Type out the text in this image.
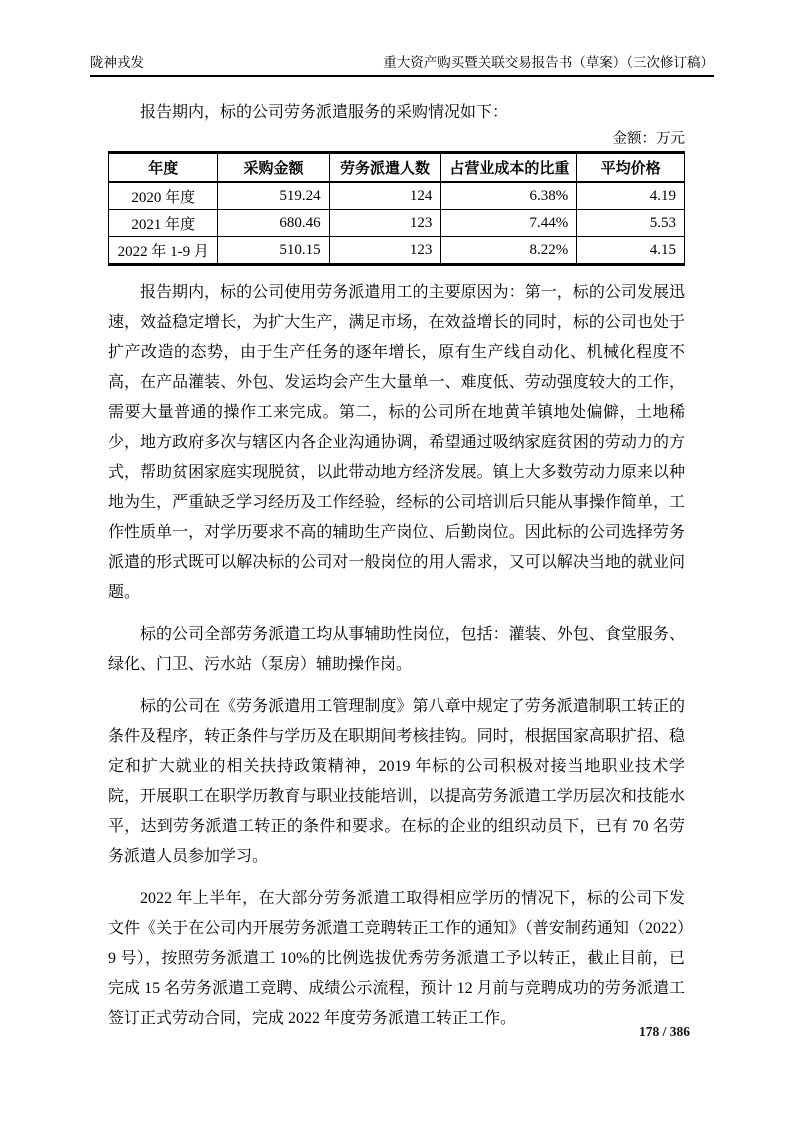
陇神戎发	重大资产购买暨关联交易报告书（草案）（三次修订稿）

报告期内，标的公司劳务派遣服务的采购情况如下：

金额：万元
年度	采购金额	劳务派遣人数	占营业成本的比重	平均价格
2020 年度	519.24	124	6.38%	4.19
2021 年度	680.46	123	7.44%	5.53
2022 年 1-9 月	510.15	123	8.22%	4.15

报告期内，标的公司使用劳务派遣用工的主要原因为：第一，标的公司发展迅速，效益稳定增长，为扩大生产，满足市场，在效益增长的同时，标的公司也处于扩产改造的态势，由于生产任务的逐年增长，原有生产线自动化、机械化程度不高，在产品灌装、外包、发运均会产生大量单一、难度低、劳动强度较大的工作，需要大量普通的操作工来完成。第二，标的公司所在地黄羊镇地处偏僻，土地稀少，地方政府多次与辖区内各企业沟通协调，希望通过吸纳家庭贫困的劳动力的方式，帮助贫困家庭实现脱贫，以此带动地方经济发展。镇上大多数劳动力原来以种地为生，严重缺乏学习经历及工作经验，经标的公司培训后只能从事操作简单，工作性质单一，对学历要求不高的辅助生产岗位、后勤岗位。因此标的公司选择劳务派遣的形式既可以解决标的公司对一般岗位的用人需求，又可以解决当地的就业问题。

标的公司全部劳务派遣工均从事辅助性岗位，包括：灌装、外包、食堂服务、绿化、门卫、污水站（泵房）辅助操作岗。

标的公司在《劳务派遣用工管理制度》第八章中规定了劳务派遣制职工转正的条件及程序，转正条件与学历及在职期间考核挂钩。同时，根据国家高职扩招、稳定和扩大就业的相关扶持政策精神，2019 年标的公司积极对接当地职业技术学院，开展职工在职学历教育与职业技能培训，以提高劳务派遣工学历层次和技能水平，达到劳务派遣工转正的条件和要求。在标的企业的组织动员下，已有 70 名劳务派遣人员参加学习。

2022 年上半年，在大部分劳务派遣工取得相应学历的情况下，标的公司下发文件《关于在公司内开展劳务派遣工竞聘转正工作的通知》（普安制药通知（2022）9 号），按照劳务派遣工 10%的比例选拔优秀劳务派遣工予以转正，截止目前，已完成 15 名劳务派遣工竞聘、成绩公示流程，预计 12 月前与竞聘成功的劳务派遣工签订正式劳动合同，完成 2022 年度劳务派遣工转正工作。

178 / 386
